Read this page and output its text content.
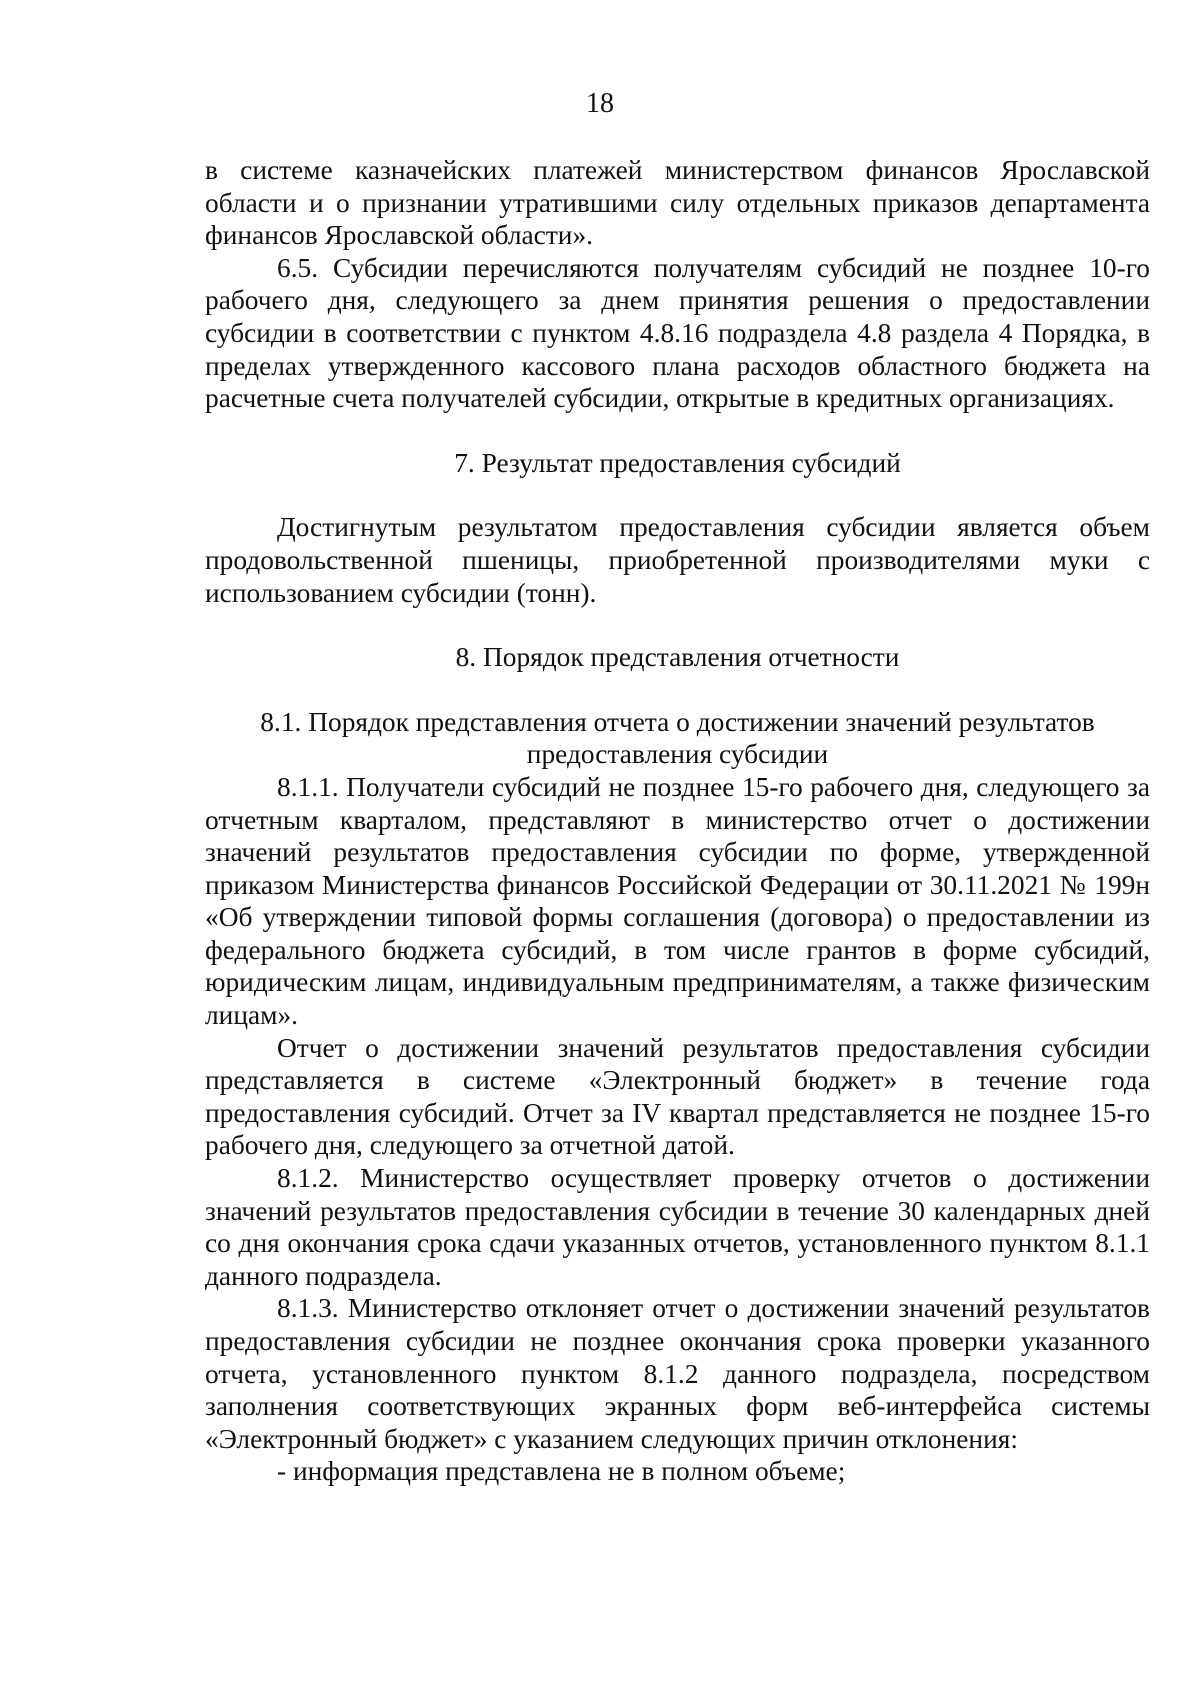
18

в системе казначейских платежей министерством финансов Ярославской области и о признании утратившими силу отдельных приказов департамента финансов Ярославской области».

6.5. Субсидии перечисляются получателям субсидий не позднее 10-го рабочего дня, следующего за днем принятия решения о предоставлении субсидии в соответствии с пунктом 4.8.16 подраздела 4.8 раздела 4 Порядка, в пределах утвержденного кассового плана расходов областного бюджета на расчетные счета получателей субсидии, открытые в кредитных организациях.

7. Результат предоставления субсидий

Достигнутым результатом предоставления субсидии является объем продовольственной пшеницы, приобретенной производителями муки с использованием субсидии (тонн).

8. Порядок представления отчетности

8.1. Порядок представления отчета о достижении значений результатов предоставления субсидии

8.1.1. Получатели субсидий не позднее 15-го рабочего дня, следующего за отчетным кварталом, представляют в министерство отчет о достижении значений результатов предоставления субсидии по форме, утвержденной приказом Министерства финансов Российской Федерации от 30.11.2021 № 199н «Об утверждении типовой формы соглашения (договора) о предоставлении из федерального бюджета субсидий, в том числе грантов в форме субсидий, юридическим лицам, индивидуальным предпринимателям, а также физическим лицам».

Отчет о достижении значений результатов предоставления субсидии представляется в системе «Электронный бюджет» в течение года предоставления субсидий. Отчет за IV квартал представляется не позднее 15-го рабочего дня, следующего за отчетной датой.

8.1.2. Министерство осуществляет проверку отчетов о достижении значений результатов предоставления субсидии в течение 30 календарных дней со дня окончания срока сдачи указанных отчетов, установленного пунктом 8.1.1 данного подраздела.

8.1.3. Министерство отклоняет отчет о достижении значений результатов предоставления субсидии не позднее окончания срока проверки указанного отчета, установленного пунктом 8.1.2 данного подраздела, посредством заполнения соответствующих экранных форм веб-интерфейса системы «Электронный бюджет» с указанием следующих причин отклонения:

- информация представлена не в полном объеме;
